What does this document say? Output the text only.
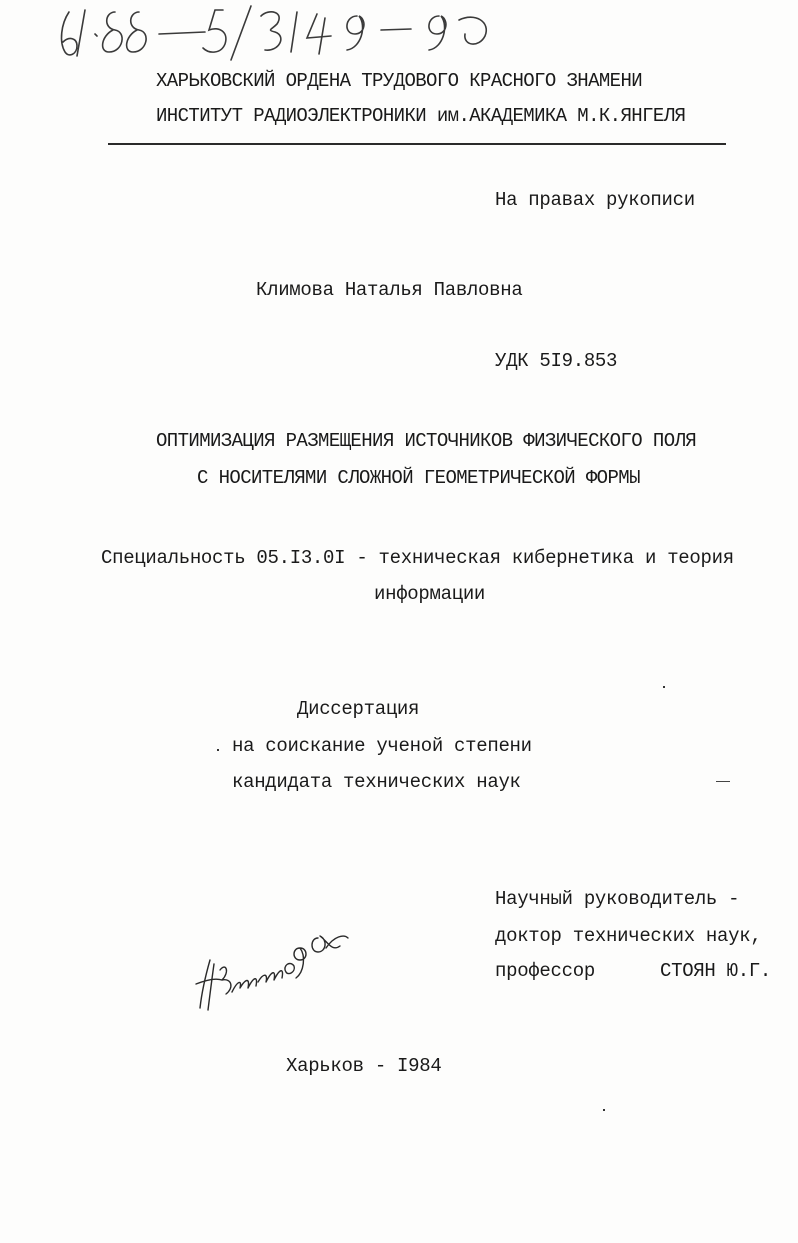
ХАРЬКОВСКИЙ ОРДЕНА ТРУДОВОГО КРАСНОГО ЗНАМЕНИ
ИНСТИТУТ РАДИОЭЛЕКТРОНИКИ им.АКАДЕМИКА М.К.ЯНГЕЛЯ
На правах рукописи
Климова Наталья Павловна
УДК 5I9.853
ОПТИМИЗАЦИЯ РАЗМЕЩЕНИЯ ИСТОЧНИКОВ ФИЗИЧЕСКОГО ПОЛЯ
С НОСИТЕЛЯМИ СЛОЖНОЙ ГЕОМЕТРИЧЕСКОЙ ФОРМЫ
Специальность 05.I3.0I - техническая кибернетика и теория
информации
Диссертация
на соискание ученой степени
кандидата технических наук
Научный руководитель -
доктор технических наук,
профессор	СТОЯН Ю.Г.
Харьков - I984
